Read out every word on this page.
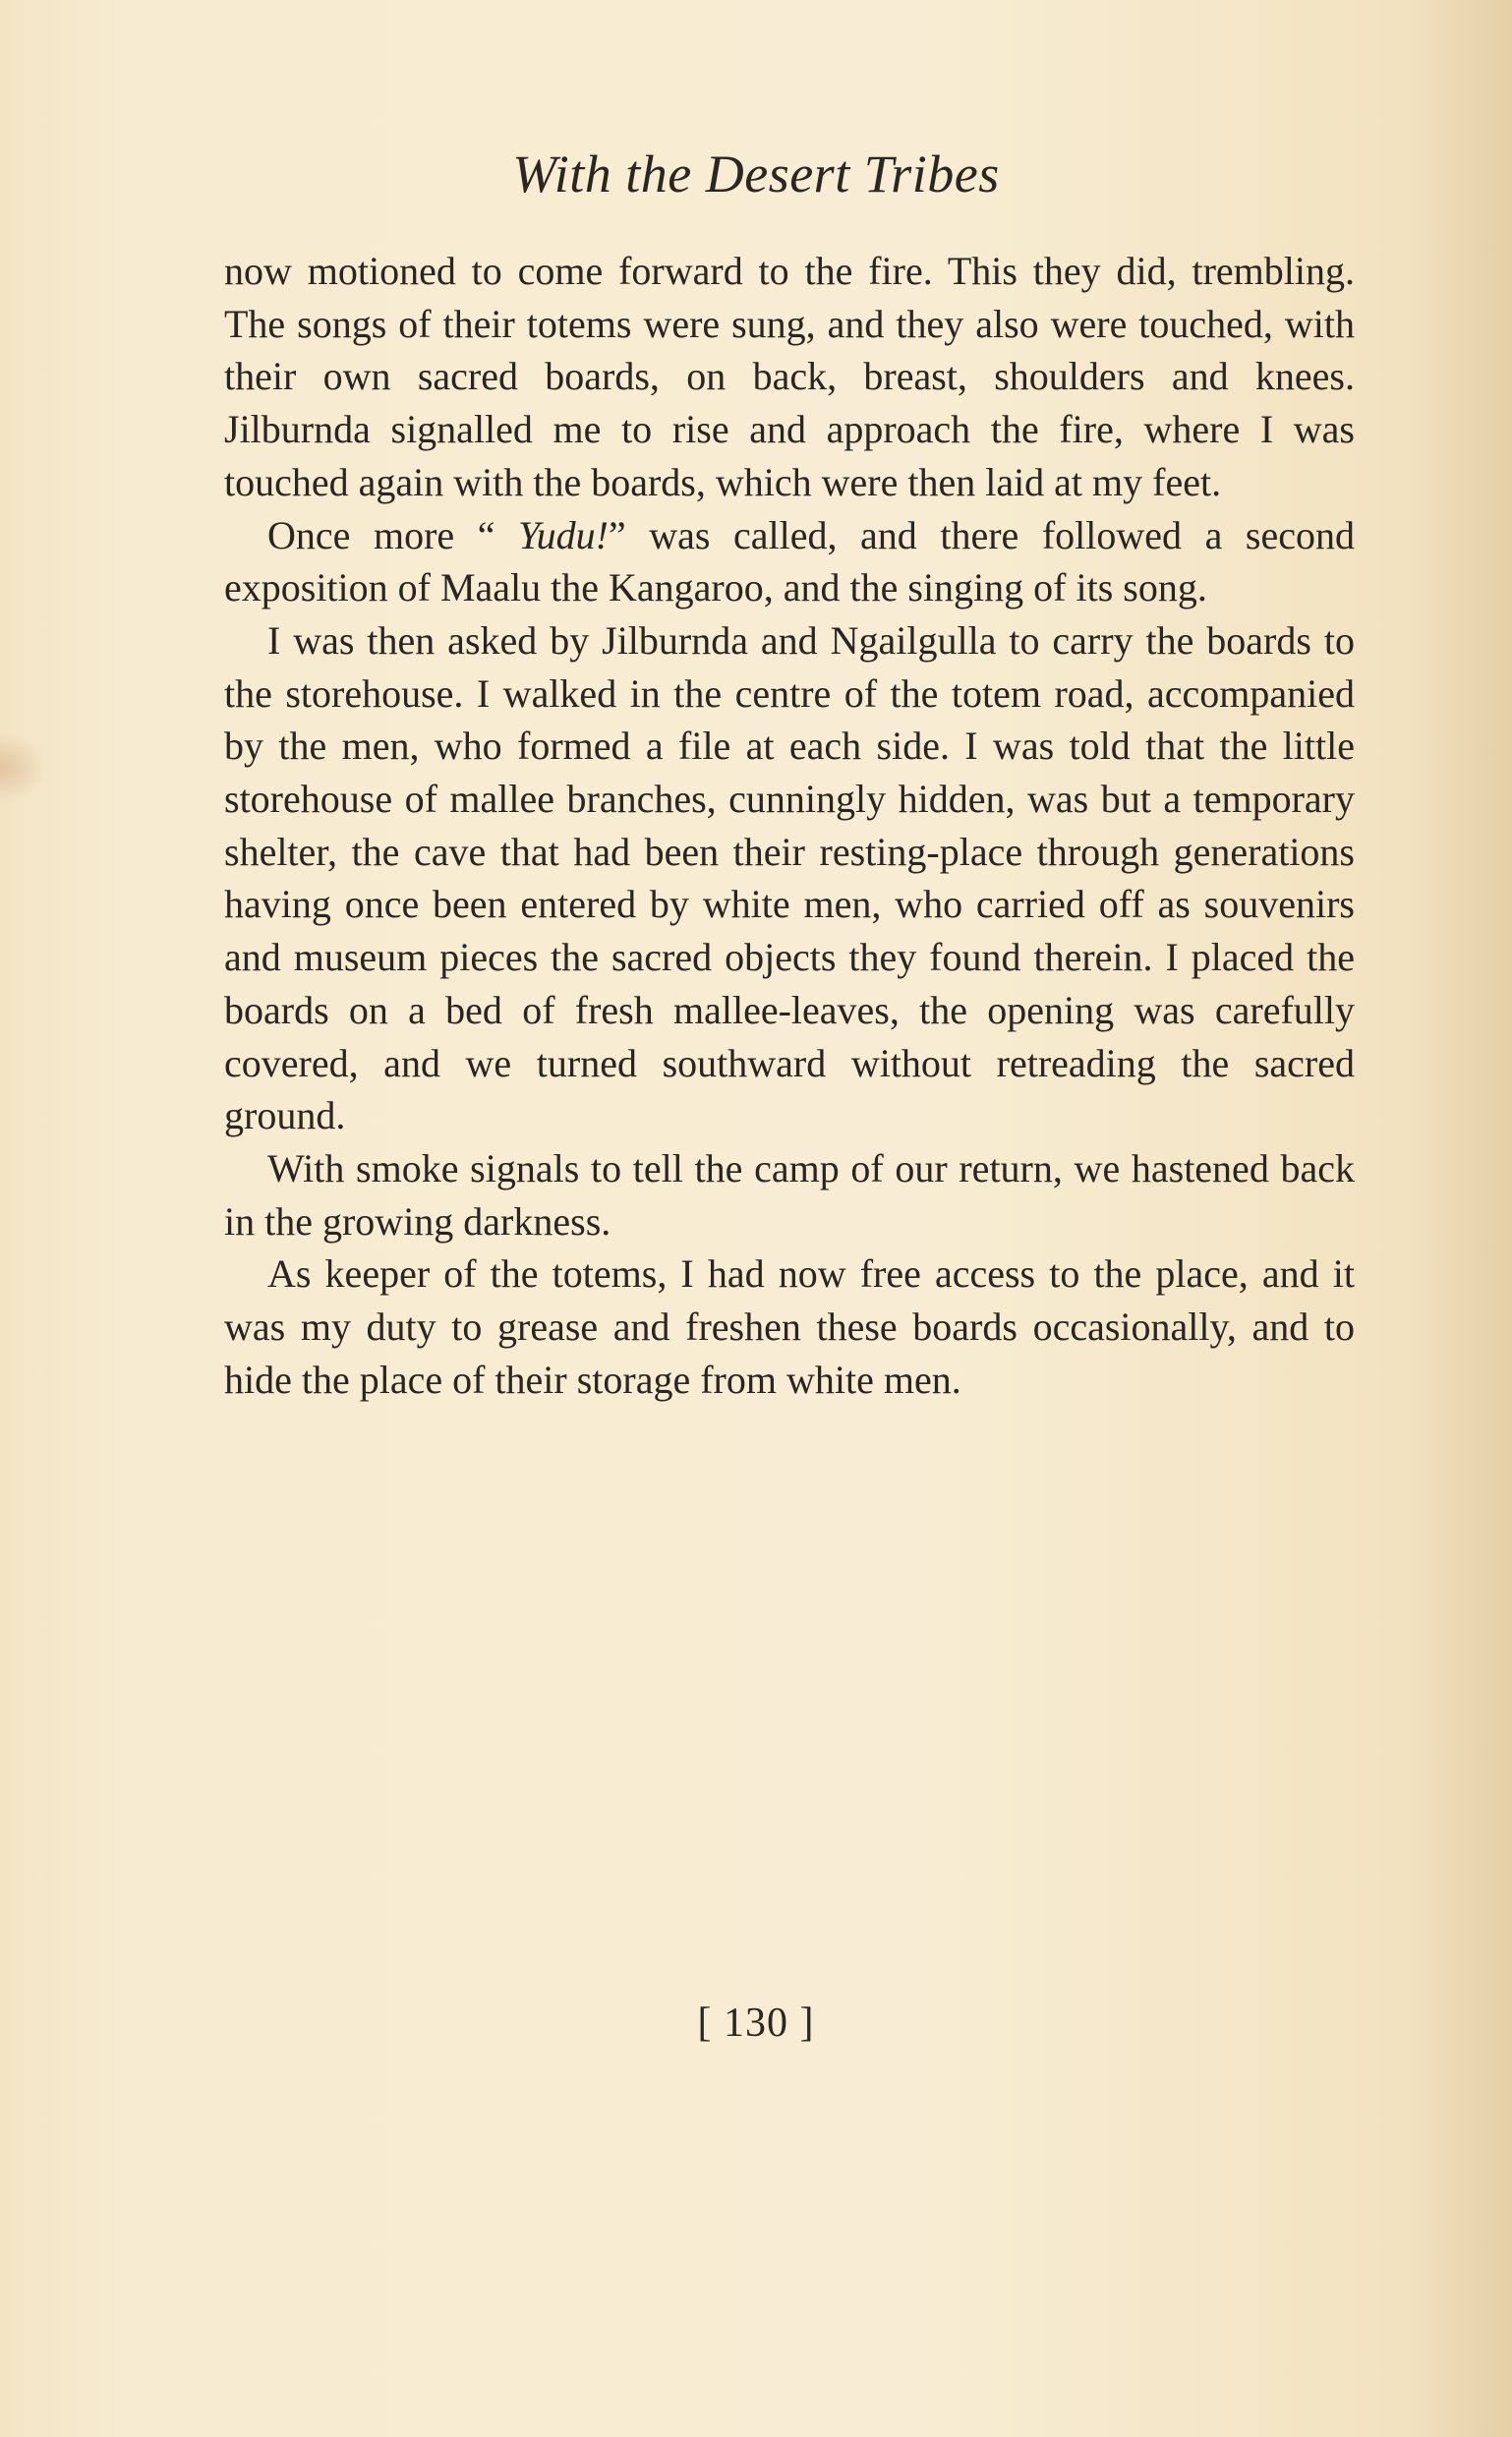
With the Desert Tribes

now motioned to come forward to the fire. This they did, trembling. The songs of their totems were sung, and they also were touched, with their own sacred boards, on back, breast, shoulders and knees. Jilburnda signalled me to rise and approach the fire, where I was touched again with the boards, which were then laid at my feet.

Once more “ Yudu!” was called, and there followed a second exposition of Maalu the Kangaroo, and the singing of its song.

I was then asked by Jilburnda and Ngailgulla to carry the boards to the storehouse. I walked in the centre of the totem road, accompanied by the men, who formed a file at each side. I was told that the little storehouse of mallee branches, cunningly hidden, was but a temporary shelter, the cave that had been their resting-place through generations having once been entered by white men, who carried off as souvenirs and museum pieces the sacred objects they found therein. I placed the boards on a bed of fresh mallee-leaves, the opening was carefully covered, and we turned southward without retreading the sacred ground.

With smoke signals to tell the camp of our return, we hastened back in the growing darkness.

As keeper of the totems, I had now free access to the place, and it was my duty to grease and freshen these boards occasionally, and to hide the place of their storage from white men.

[ 130 ]
